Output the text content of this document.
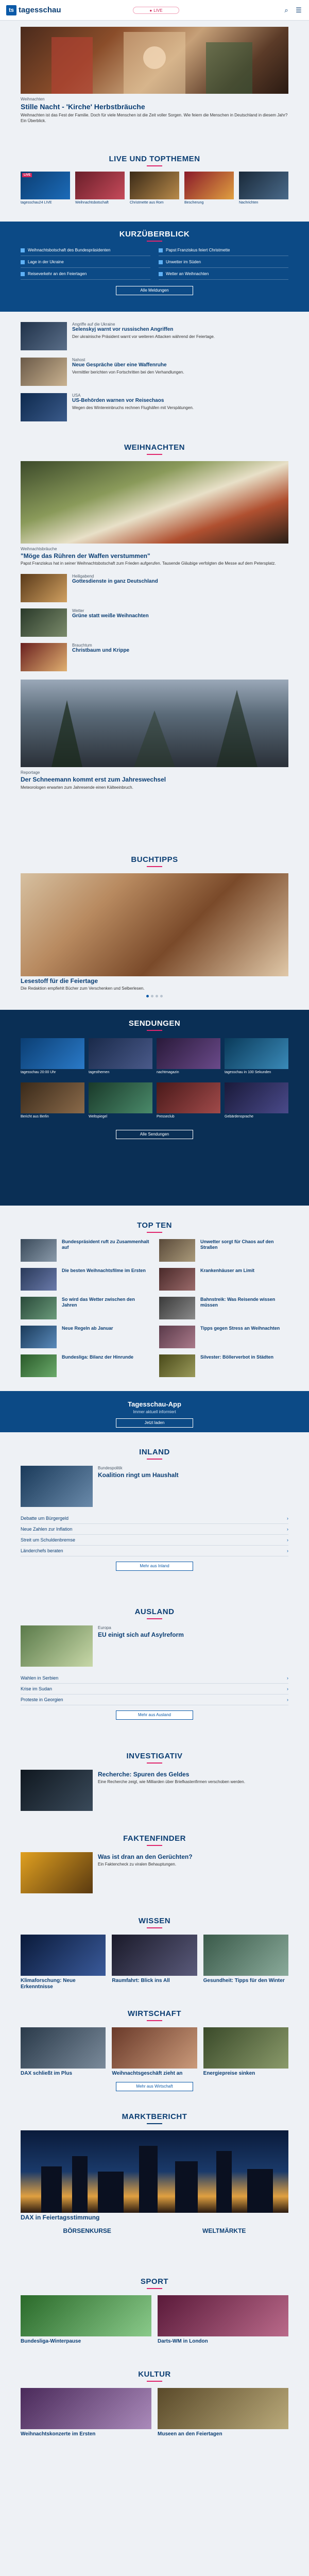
ts tagesschau	● LIVE	⌕	☰
Weihnachten
Stille Nacht - 'Kirche' Herbstbräuche
Weihnachten ist das Fest der Familie. Doch für viele Menschen ist die Zeit voller Sorgen. Wie feiern die Menschen in Deutschland in diesem Jahr? Ein Überblick.
LIVE UND TOPTHEMEN
LIVE
tagesschau24 LIVE	Weihnachtsbotschaft	Christmette aus Rom	Bescherung	Nachrichten
KURZÜBERBLICK
Weihnachtsbotschaft des Bundespräsidenten	Papst Franziskus feiert Christmette
Lage in der Ukraine	Unwetter im Süden
Reiseverkehr an den Feiertagen	Wetter an Weihnachten
Alle Meldungen
Angriffe auf die Ukraine
Selenskyj warnt vor russischen Angriffen
Der ukrainische Präsident warnt vor weiteren Attacken während der Feiertage.
Nahost
Neue Gespräche über eine Waffenruhe
Vermittler berichten von Fortschritten bei den Verhandlungen.
USA
US-Behörden warnen vor Reisechaos
Wegen des Wintereinbruchs rechnen Flughäfen mit Verspätungen.
WEIHNACHTEN
Weihnachtsbräuche
"Möge das Rühren der Waffen verstummen"
Papst Franziskus hat in seiner Weihnachtsbotschaft zum Frieden aufgerufen. Tausende Gläubige verfolgten die Messe auf dem Petersplatz.
Heiligabend
Gottesdienste in ganz Deutschland
Wetter
Grüne statt weiße Weihnachten
Brauchtum
Christbaum und Krippe
Reportage
Der Schneemann kommt erst zum Jahreswechsel
Meteorologen erwarten zum Jahresende einen Kälteeinbruch.
BUCHTIPPS
Lesestoff für die Feiertage
Die Redaktion empfiehlt Bücher zum Verschenken und Selberlesen.
SENDUNGEN
tagesschau 20:00 Uhr	tagesthemen	nachtmagazin	tagesschau in 100 Sekunden
Bericht aus Berlin	Weltspiegel	Presseclub	Gebärdensprache
Alle Sendungen
TOP TEN
Bundespräsident ruft zu Zusammenhalt auf
Unwetter sorgt für Chaos auf den Straßen
Die besten Weihnachtsfilme im Ersten	Krankenhäuser am Limit
So wird das Wetter zwischen den Jahren
Bahnstreik: Was Reisende wissen müssen
Neue Regeln ab Januar	Tipps gegen Stress an Weihnachten
Bundesliga: Bilanz der Hinrunde	Silvester: Böllerverbot in Städten
Tagesschau-App
Immer aktuell informiert
Jetzt laden
INLAND
Bundespolitik
Koalition ringt um Haushalt
Debatte um Bürgergeld	›
Neue Zahlen zur Inflation	›
Streit um Schuldenbremse	›
Länderchefs beraten	›
Mehr aus Inland
AUSLAND
Europa
EU einigt sich auf Asylreform
Wahlen in Serbien	›
Krise im Sudan	›
Proteste in Georgien	›
Mehr aus Ausland
INVESTIGATIV
Recherche: Spuren des Geldes
Eine Recherche zeigt, wie Milliarden über Briefkastenfirmen verschoben werden.
FAKTENFINDER
Was ist dran an den Gerüchten?
Ein Faktencheck zu viralen Behauptungen.
WISSEN
Klimaforschung: Neue Erkenntnisse
Raumfahrt: Blick ins All	Gesundheit: Tipps für den Winter
WIRTSCHAFT
DAX schließt im Plus	Weihnachtsgeschäft zieht an	Energiepreise sinken
Mehr aus Wirtschaft
MARKTBERICHT
DAX in Feiertagsstimmung
BÖRSENKURSE	WELTMÄRKTE
SPORT
Bundesliga-Winterpause	Darts-WM in London
KULTUR
Weihnachtskonzerte im Ersten	Museen an den Feiertagen
